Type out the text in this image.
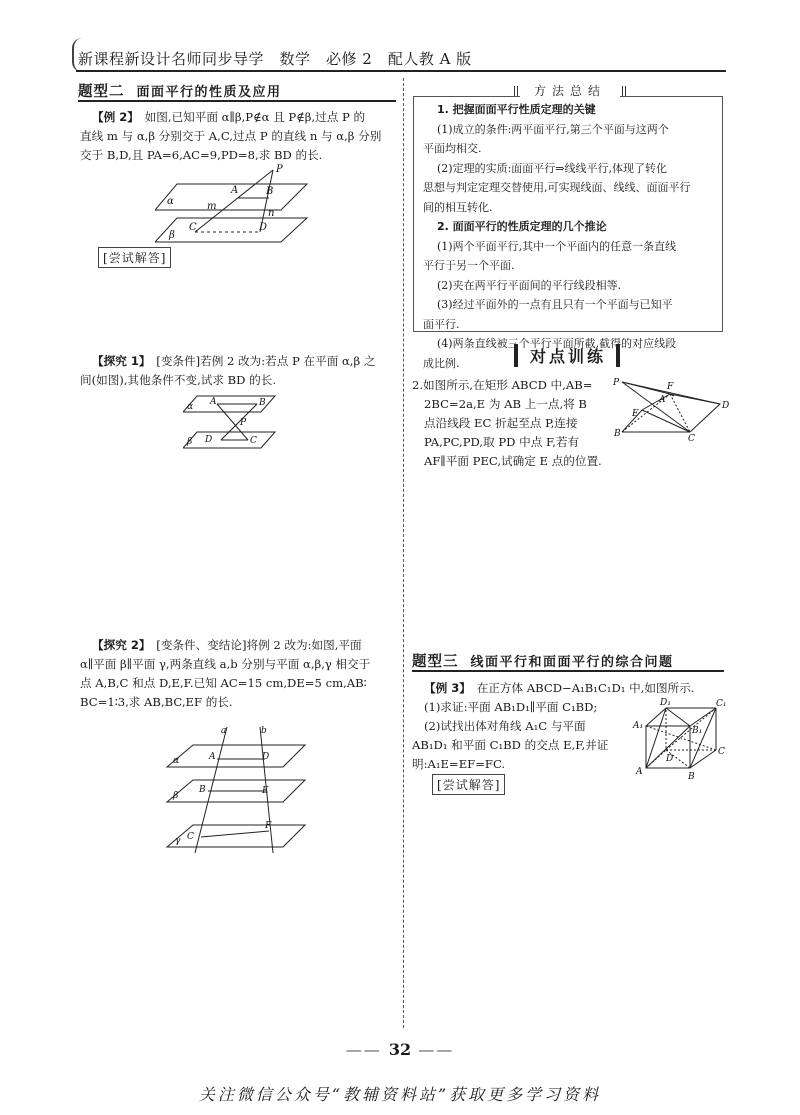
新课程新设计名师同步导学　数学　必修 2　配人教 A 版
题型二 面面平行的性质及应用
【例 2】　 如图,已知平面 α∥β,P∉α 且 P∉β,过点 P 的
直线 m 与 α,β 分别交于 A,C,过点 P 的直线 n 与 α,β 分别
交于 B,D,且 PA=6,AC=9,PD=8,求 BD 的长.
P
A	B
α	m
n
C	D
β
[尝试解答]
【探究 1】　 [变条件]若例 2 改为:若点 P 在平面 α,β 之
间(如图),其他条件不变,试求 BD 的长.
A	B
α
P
β D	C
【探究 2】　 [变条件、变结论]将例 2 改为:如图,平面
α∥平面 β∥平面 γ,两条直线 a,b 分别与平面 α,β,γ 相交于
点 A,B,C 和点 D,E,F.已知 AC=15 cm,DE=5 cm,AB∶
BC=1∶3,求 AB,BC,EF 的长.
a	b
α	A	D
β
B	E
γ C
F
方法总结
1. 把握面面平行性质定理的关键
(1)成立的条件:两平面平行,第三个平面与这两个
平面均相交.
(2)定理的实质:面面平行⇒线线平行,体现了转化
思想与判定定理交替使用,可实现线面、线线、面面平行
间的相互转化.
2. 面面平行的性质定理的几个推论
(1)两个平面平行,其中一个平面内的任意一条直线
平行于另一个平面.
(2)夹在两平行平面间的平行线段相等.
(3)经过平面外的一点有且只有一个平面与已知平
面平行.
(4)两条直线被三个平行平面所截,截得的对应线段
成比例.	对点训练
2.如图所示,在矩形 ABCD 中,AB=
2BC=2a,E 为 AB 上一点,将 B
点沿线段 EC 折起至点 P,连接
PA,PC,PD,取 PD 中点 F,若有
AF∥平面 PEC,试确定 E 点的位置.
P	F
A
D
E
B	C
题型三 线面平行和面面平行的综合问题
【例 3】　 在正方体 ABCD−A₁B₁C₁D₁ 中,如图所示.
(1)求证:平面 AB₁D₁∥平面 C₁BD;
(2)试找出体对角线 A₁C 与平面
AB₁D₁ 和平面 C₁BD 的交点 E,F,并证
明:A₁E=EF=FC.
[尝试解答]
D₁	C₁
A₁	B₁
D
C
A	B
—— 32 ——
关注微信公众号“教辅资料站”获取更多学习资料
